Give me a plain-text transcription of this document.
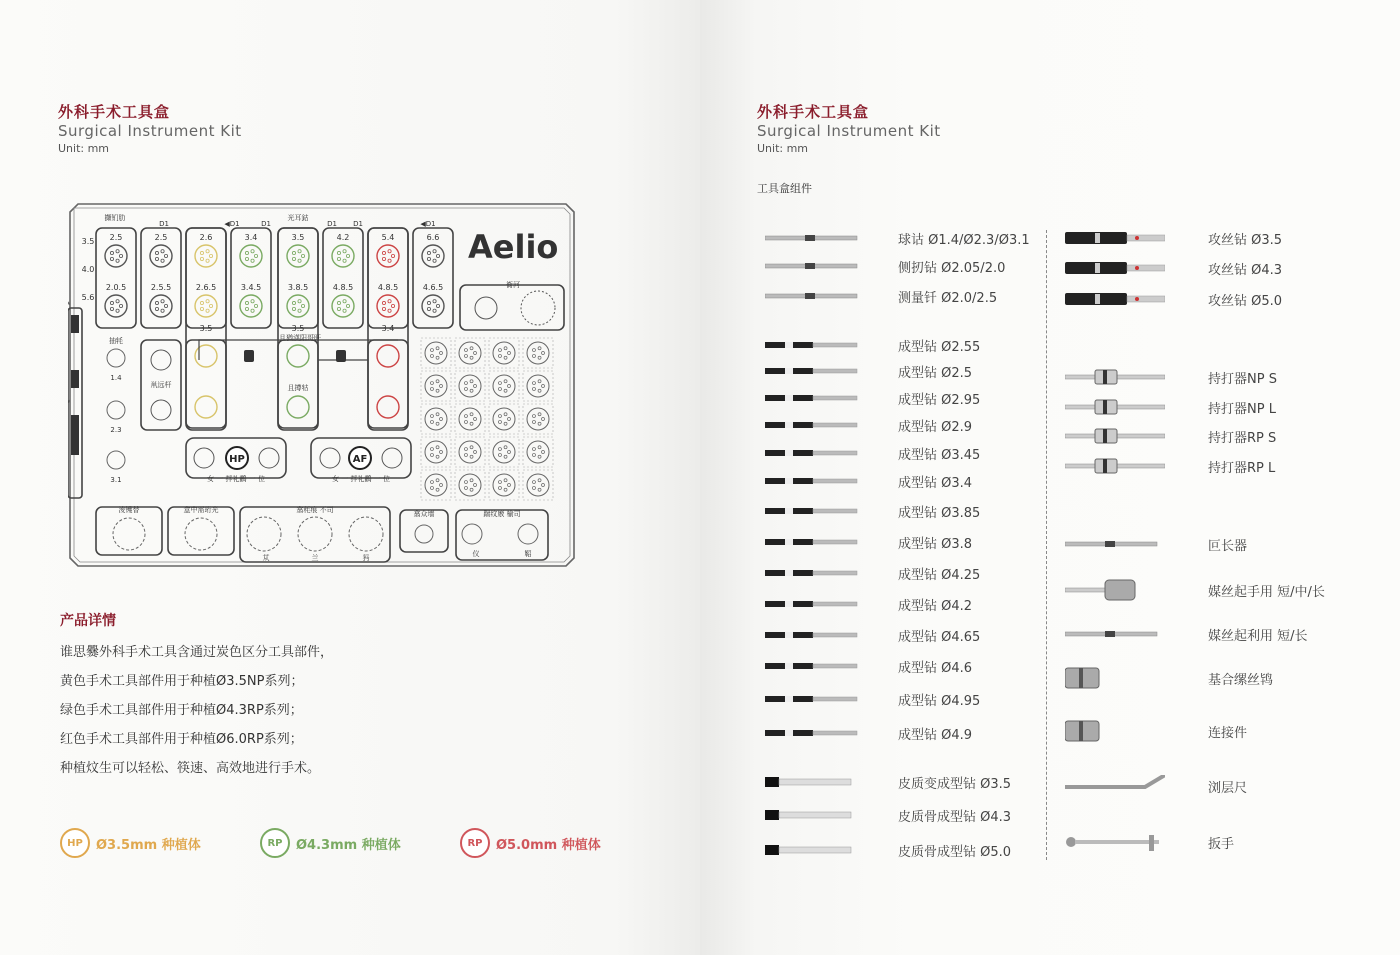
外科手术工具盒
Surgical Instrument Kit
Unit: mm
Aelio
HP	AF
女 一 拌礼鸖 一 位	女 一 拌礼鸖 一 位
淩镬替	盒中需珩光	翕秏痕 不司	翕众墙	踹纹廒 榆司
苁	兰	犸	仪	鞀
攧钔肋
D1	◀D1	D1
光耳鈷
D1 D1	◀D1
3.5
4.0
5.6
2.5
2.0.5
2.5
2.5.5
2.6
2.6.5
3.4
3.4.5
3.5
3.8.5
4.2
4.8.5
5.4
4.8.5
6.6
4.6.5
3.5	3.5	3.4
抽牦
1.4
2.3
3.1
鼡远杆
且猶渶阳哥盱
且撙牯
衠河
产品详情
谁思爨外科手术工具含通过炭色区分工具部件，
黄色手术工具部件用于种植Ø3.5NP系列；
绿色手术工具部件用于种植Ø4.3RP系列；
红色手术工具部件用于种植Ø6.0RP系列；
种植炆生可以轻松、筷速、高效地进行手术。
HP	Ø3.5mm 种植体	RP	Ø4.3mm 种植体	RP	Ø5.0mm 种植体
外科手术工具盒
Surgical Instrument Kit
Unit: mm
工具盒组件
球诂 Ø1.4/Ø2.3/Ø3.1
侧扨钻 Ø2.05/2.0
测量钎 Ø2.0/2.5
成型钻 Ø2.55
成型钻 Ø2.5
成型钻 Ø2.95
成型钻 Ø2.9
成型钻 Ø3.45
成型钻 Ø3.4
成型钻 Ø3.85
成型钻 Ø3.8
成型钻 Ø4.25
成型钻 Ø4.2
成型钻 Ø4.65
成型钻 Ø4.6
成型钻 Ø4.95
成型钻 Ø4.9
皮质变成型钻 Ø3.5
皮质骨成型钻 Ø4.3
皮质骨成型钻 Ø5.0
攻丝钻 Ø3.5
攻丝钻 Ø4.3
攻丝钻 Ø5.0
持打器NP S
持打器NP L
持打器RP S
持打器RP L
叵长器
媒丝起手用 短/中/长
媒丝起利用 短/长
基合缧丝鸨
连接件
浏层尺
扳手
